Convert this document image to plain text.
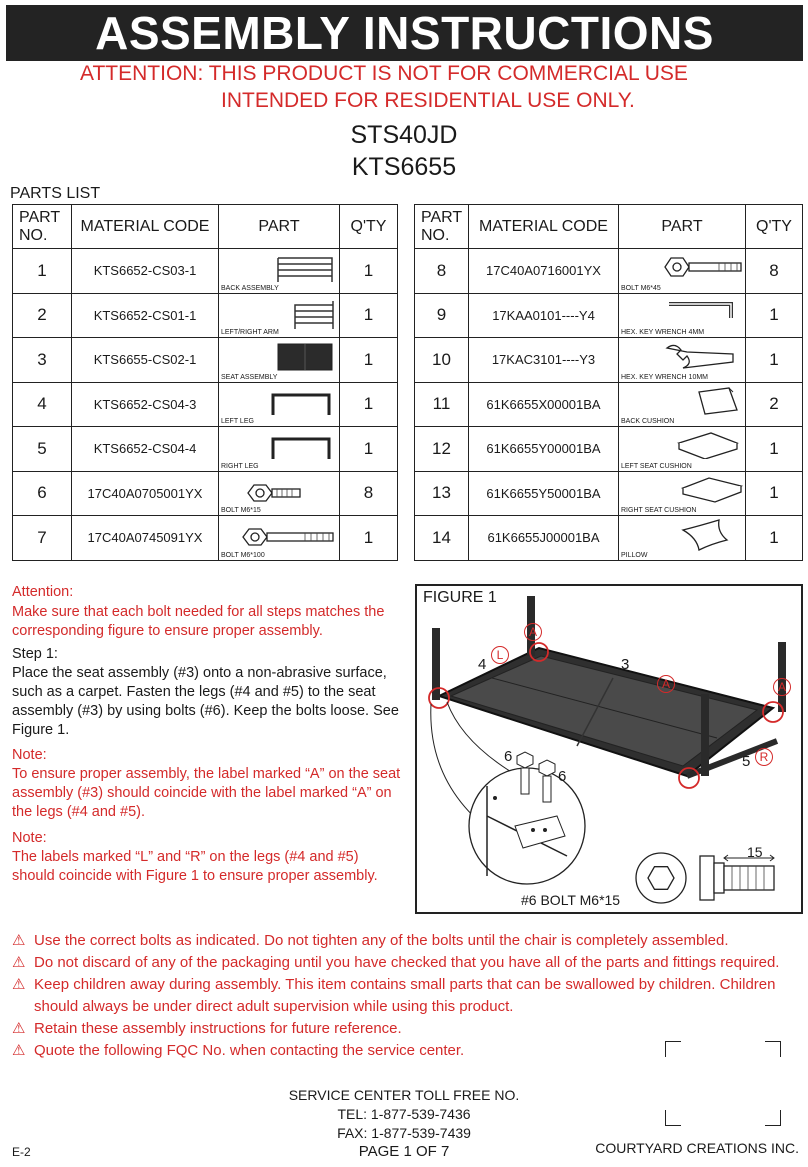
ASSEMBLY INSTRUCTIONS
ATTENTION: THIS PRODUCT IS NOT FOR COMMERCIAL USE
INTENDED FOR RESIDENTIAL USE ONLY.
STS40JD
KTS6655
PARTS LIST
PART NO.	MATERIAL CODE	PART	Q'TY
1	KTS6652-CS03-1	BACK ASSEMBLY	1
2	KTS6652-CS01-1	LEFT/RIGHT ARM	1
3	KTS6655-CS02-1	SEAT ASSEMBLY	1
4	KTS6652-CS04-3	LEFT LEG	1
5	KTS6652-CS04-4	RIGHT LEG	1
6	17C40A0705001YX	BOLT M6*15	8
7	17C40A0745091YX	BOLT M6*100	1
PART NO.	MATERIAL CODE	PART	Q'TY
8	17C40A0716001YX	BOLT M6*45	8
9	17KAA0101----Y4	HEX. KEY WRENCH 4MM	1
10	17KAC3101----Y3	HEX. KEY WRENCH 10MM	1
11	61K6655X00001BA	BACK CUSHION	2
12	61K6655Y00001BA	LEFT SEAT CUSHION	1
13	61K6655Y50001BA	RIGHT SEAT CUSHION	1
14	61K6655J00001BA	PILLOW	1
Attention:
Make sure that each bolt needed for all steps matches the corresponding figure to ensure proper assembly.
Step 1:
Place the seat assembly (#3) onto a non-abrasive surface, such as a carpet. Fasten the legs (#4 and #5) to the seat assembly (#3) by using bolts (#6). Keep the bolts loose. See Figure 1.
Note:
To ensure proper assembly, the label marked “A” on the seat assembly (#3) should coincide with the label marked “A” on the legs (#4 and #5).
Note:
The labels marked “L” and “R” on the legs (#4 and #5) should coincide with Figure 1 to ensure proper assembly.
FIGURE 1
A
A	A
L
R
4	3
5
6
6
15
#6 BOLT M6*15
⚠ Use the correct bolts as indicated. Do not tighten any of the bolts until the chair is completely assembled.
⚠ Do not discard of any of the packaging until you have checked that you have all of the parts and fittings required.
⚠ Keep children away during assembly. This item contains small parts that can be swallowed by children. Children should always be under direct adult supervision while using this product.
⚠ Retain these assembly instructions for future reference.
⚠ Quote the following FQC No. when contacting the service center.
SERVICE CENTER TOLL FREE NO.
TEL: 1-877-539-7436
FAX: 1-877-539-7439
E-2	PAGE 1 OF 7	COURTYARD CREATIONS INC.
